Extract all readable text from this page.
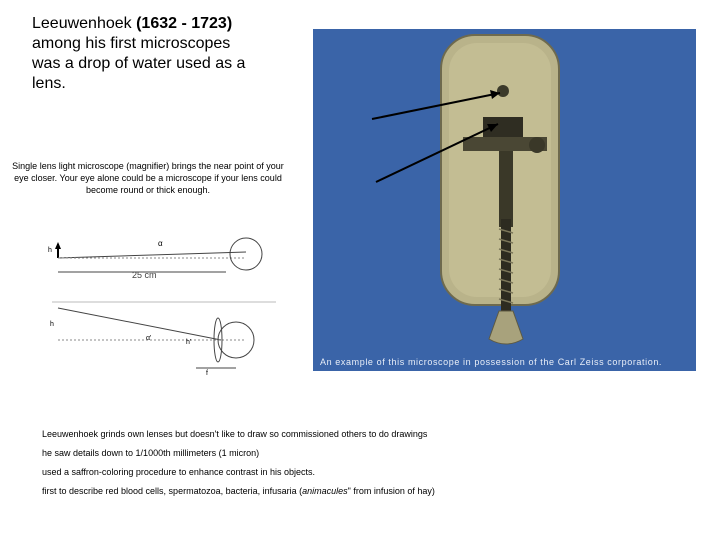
Leeuwenhoek (1632 - 1723) among his first microscopes was a drop of water used as a lens.
Single lens light microscope (magnifier) brings the near point of your eye closer. Your eye alone could be a microscope if your lens could become round or thick enough.
An example of this microscope in possession of the Carl Zeiss corporation.
h
α
25 cm
h
α'
h'
f
Leeuwenhoek grinds own lenses but doesn't like to draw so commissioned others to do drawings
he saw details down to 1/1000th millimeters (1 micron)
used a saffron-coloring procedure to enhance contrast in his objects.
first to describe red blood cells, spermatozoa, bacteria, infusaria (animacules" from infusion of hay)
